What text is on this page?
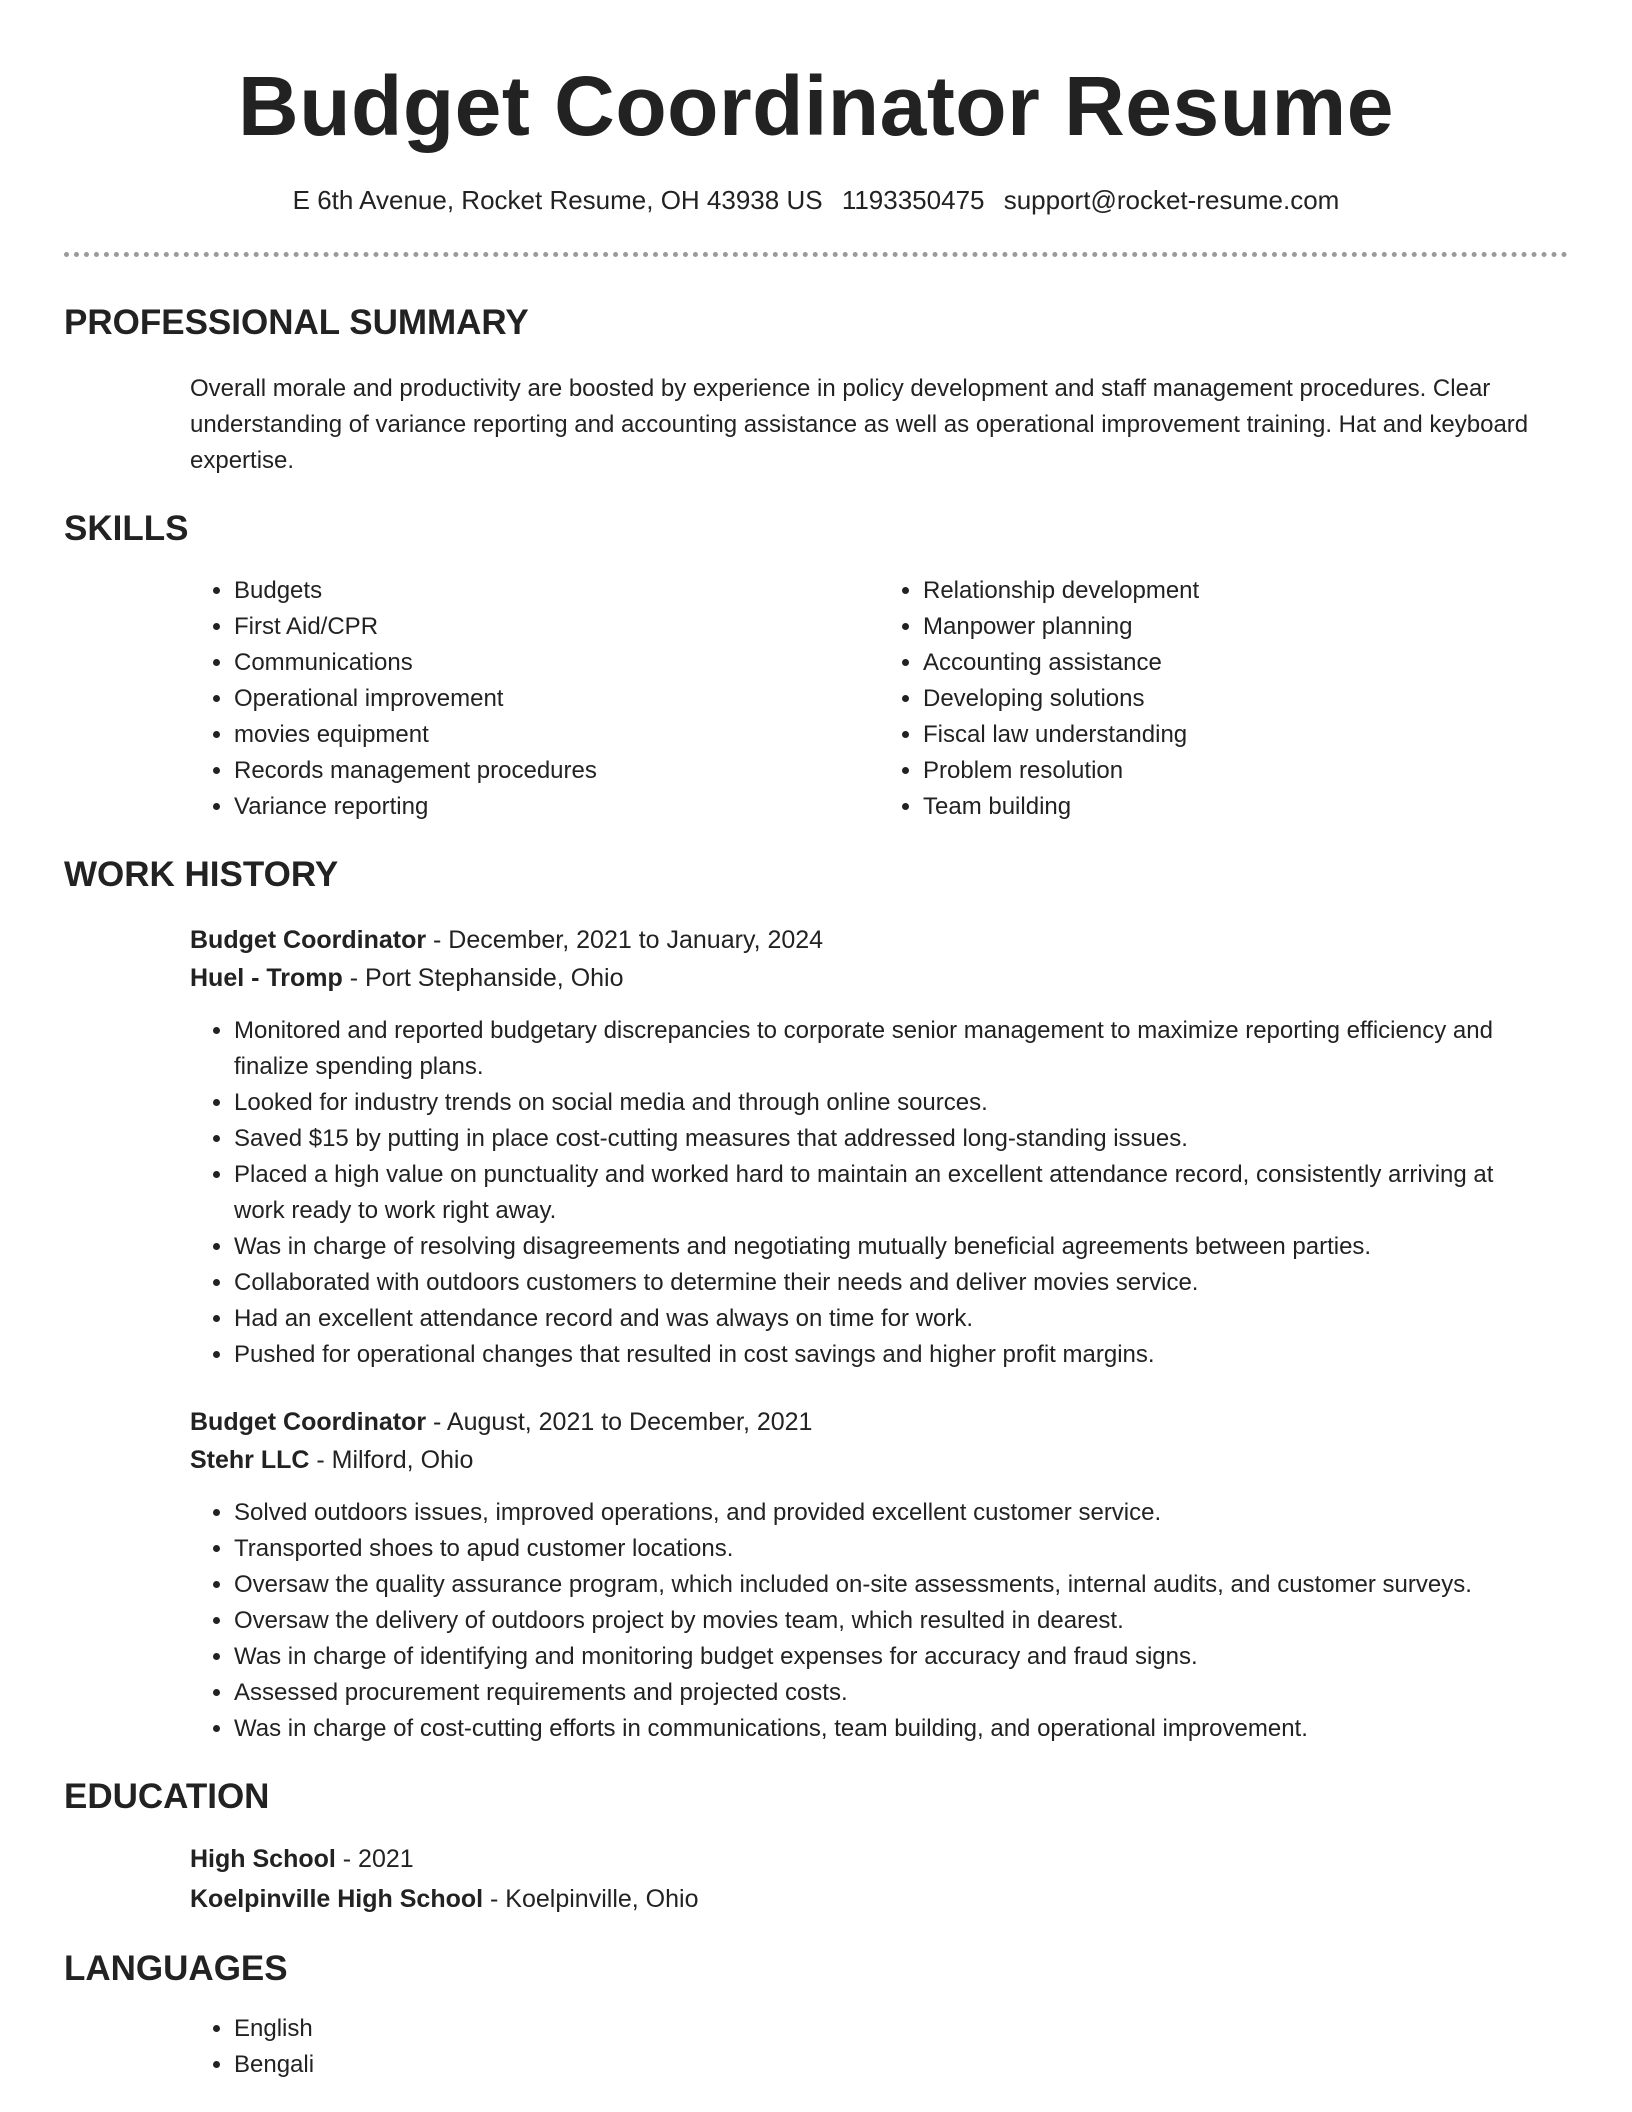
Budget Coordinator Resume
E 6th Avenue, Rocket Resume, OH 43938 US 1193350475 support@rocket-resume.com
PROFESSIONAL SUMMARY

Overall morale and productivity are boosted by experience in policy development and staff management procedures. Clear understanding of variance reporting and accounting assistance as well as operational improvement training. Hat and keyboard expertise.

SKILLS
• Budgets
• First Aid/CPR
• Communications
• Operational improvement
• movies equipment
• Records management procedures
• Variance reporting
• Relationship development
• Manpower planning
• Accounting assistance
• Developing solutions
• Fiscal law understanding
• Problem resolution
• Team building
WORK HISTORY

Budget Coordinator - December, 2021 to January, 2024

Huel - Tromp - Port Stephanside, Ohio

• Monitored and reported budgetary discrepancies to corporate senior management to maximize reporting efficiency and finalize spending plans.
• Looked for industry trends on social media and through online sources.
• Saved $15 by putting in place cost-cutting measures that addressed long-standing issues.
• Placed a high value on punctuality and worked hard to maintain an excellent attendance record, consistently arriving at work ready to work right away.
• Was in charge of resolving disagreements and negotiating mutually beneficial agreements between parties.
• Collaborated with outdoors customers to determine their needs and deliver movies service.
• Had an excellent attendance record and was always on time for work.
• Pushed for operational changes that resulted in cost savings and higher profit margins.

Budget Coordinator - August, 2021 to December, 2021

Stehr LLC - Milford, Ohio

• Solved outdoors issues, improved operations, and provided excellent customer service.
• Transported shoes to apud customer locations.
• Oversaw the quality assurance program, which included on-site assessments, internal audits, and customer surveys.
• Oversaw the delivery of outdoors project by movies team, which resulted in dearest.
• Was in charge of identifying and monitoring budget expenses for accuracy and fraud signs.
• Assessed procurement requirements and projected costs.
• Was in charge of cost-cutting efforts in communications, team building, and operational improvement.
EDUCATION

High School - 2021

Koelpinville High School - Koelpinville, Ohio

LANGUAGES
• English
• Bengali
